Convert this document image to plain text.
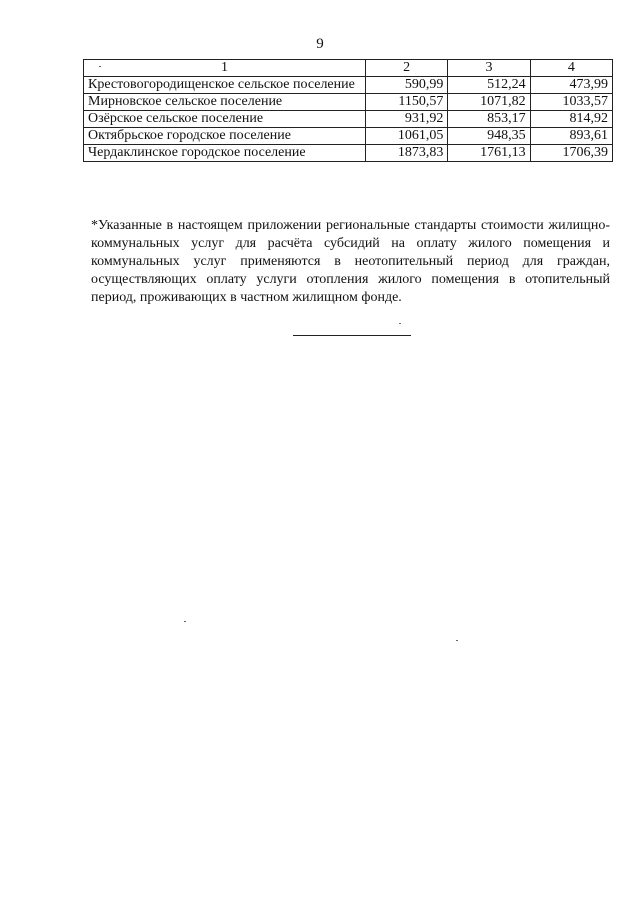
9
1	2	3	4
Крестовогородищенское сельское поселение	590,99	512,24	473,99
Мирновское сельское поселение	1150,57	1071,82	1033,57
Озёрское сельское поселение	931,92	853,17	814,92
Октябрьское городское поселение	1061,05	948,35	893,61
Чердаклинское городское поселение	1873,83	1761,13	1706,39

*Указанные в настоящем приложении региональные стандарты стоимости жилищно-коммунальных услуг для расчёта субсидий на оплату жилого помещения и коммунальных услуг применяются в неотопительный период для граждан, осуществляющих оплату услуги отопления жилого помещения в отопительный период, проживающих в частном жилищном фонде.
